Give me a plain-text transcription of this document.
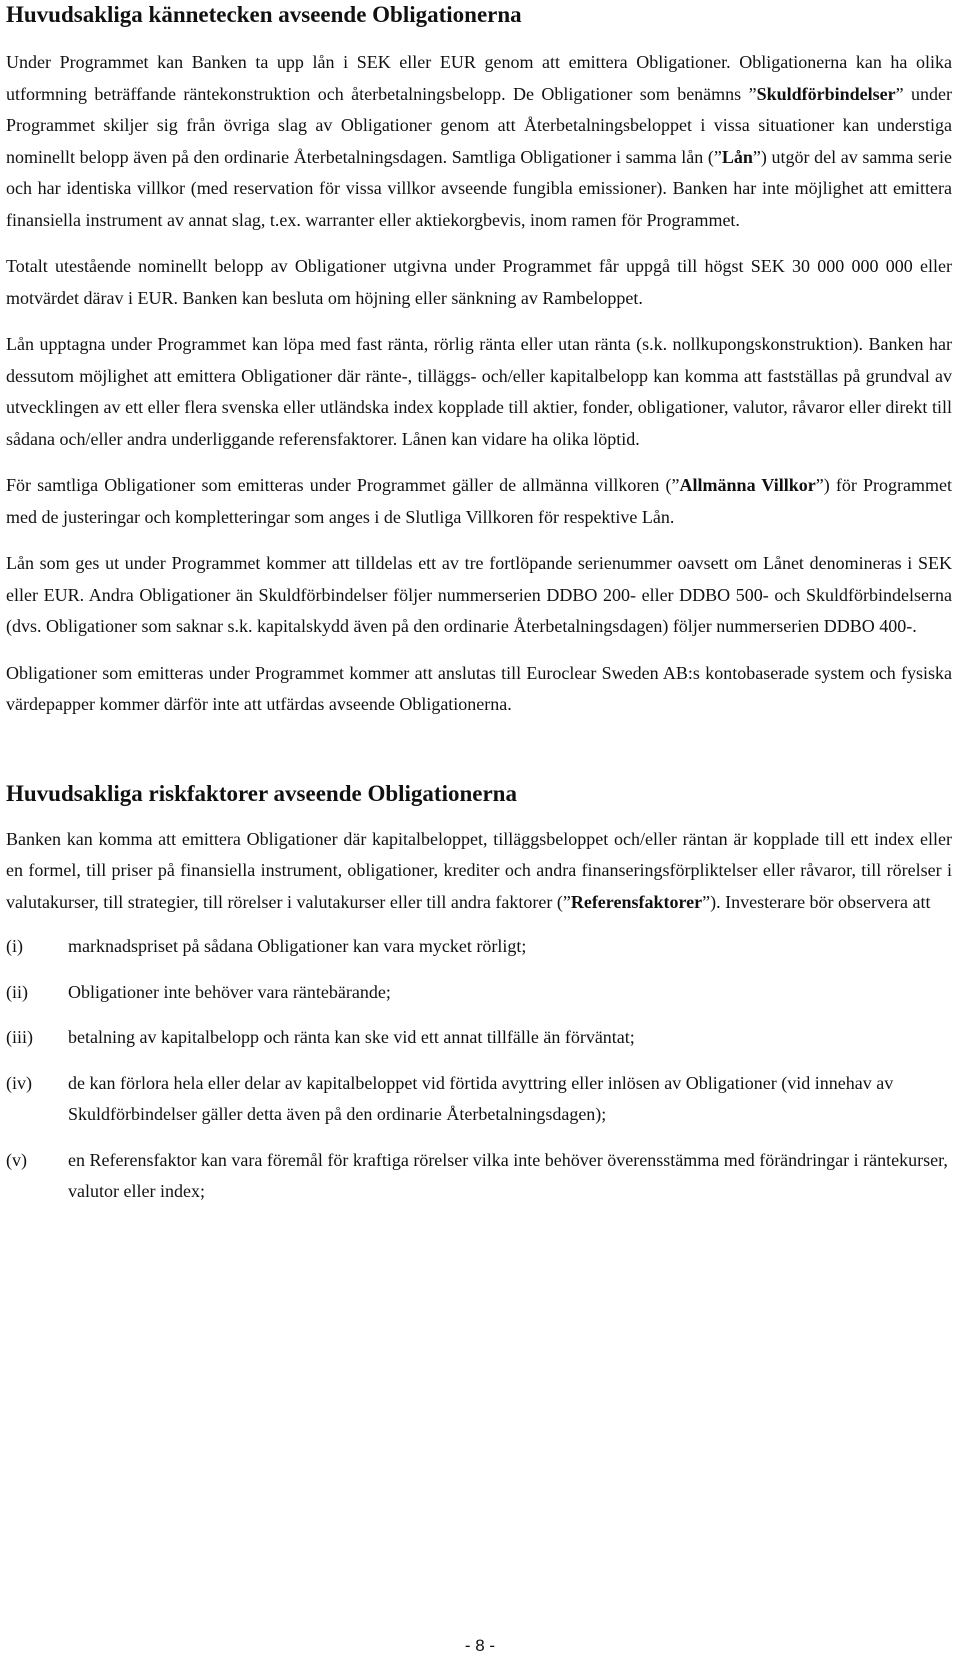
Huvudsakliga kännetecken avseende Obligationerna

Under Programmet kan Banken ta upp lån i SEK eller EUR genom att emittera Obligationer. Obligationerna kan ha olika utformning beträffande räntekonstruktion och återbetalningsbelopp. De Obligationer som benämns ”Skuldförbindelser” under Programmet skiljer sig från övriga slag av Obligationer genom att Återbetalningsbeloppet i vissa situationer kan understiga nominellt belopp även på den ordinarie Återbetalningsdagen. Samtliga Obligationer i samma lån (”Lån”) utgör del av samma serie och har identiska villkor (med reservation för vissa villkor avseende fungibla emissioner). Banken har inte möjlighet att emittera finansiella instrument av annat slag, t.ex. warranter eller aktiekorgbevis, inom ramen för Programmet.

Totalt utestående nominellt belopp av Obligationer utgivna under Programmet får uppgå till högst SEK 30 000 000 000 eller motvärdet därav i EUR. Banken kan besluta om höjning eller sänkning av Rambeloppet.

Lån upptagna under Programmet kan löpa med fast ränta, rörlig ränta eller utan ränta (s.k. nollkupongskonstruktion). Banken har dessutom möjlighet att emittera Obligationer där ränte-, tilläggs- och/eller kapitalbelopp kan komma att fastställas på grundval av utvecklingen av ett eller flera svenska eller utländska index kopplade till aktier, fonder, obligationer, valutor, råvaror eller direkt till sådana och/eller andra underliggande referensfaktorer. Lånen kan vidare ha olika löptid.

För samtliga Obligationer som emitteras under Programmet gäller de allmänna villkoren (”Allmänna Villkor”) för Programmet med de justeringar och kompletteringar som anges i de Slutliga Villkoren för respektive Lån.

Lån som ges ut under Programmet kommer att tilldelas ett av tre fortlöpande serienummer oavsett om Lånet denomineras i SEK eller EUR. Andra Obligationer än Skuldförbindelser följer nummerserien DDBO 200- eller DDBO 500- och Skuldförbindelserna (dvs. Obligationer som saknar s.k. kapitalskydd även på den ordinarie Återbetalningsdagen) följer nummerserien DDBO 400-.

Obligationer som emitteras under Programmet kommer att anslutas till Euroclear Sweden AB:s kontobaserade system och fysiska värdepapper kommer därför inte att utfärdas avseende Obligationerna.

Huvudsakliga riskfaktorer avseende Obligationerna

Banken kan komma att emittera Obligationer där kapitalbeloppet, tilläggsbeloppet och/eller räntan är kopplade till ett index eller en formel, till priser på finansiella instrument, obligationer, krediter och andra finanseringsförpliktelser eller råvaror, till rörelser i valutakurser, till strategier, till rörelser i valutakurser eller till andra faktorer (”Referensfaktorer”). Investerare bör observera att

(i)	marknadspriset på sådana Obligationer kan vara mycket rörligt;
(ii)	Obligationer inte behöver vara räntebärande;
(iii)	betalning av kapitalbelopp och ränta kan ske vid ett annat tillfälle än förväntat;
(iv)	de kan förlora hela eller delar av kapitalbeloppet vid förtida avyttring eller inlösen av Obligationer (vid innehav av Skuldförbindelser gäller detta även på den ordinarie Återbetalningsdagen);
(v)	en Referensfaktor kan vara föremål för kraftiga rörelser vilka inte behöver överensstämma med förändringar i räntekurser, valutor eller index;
- 8 -
